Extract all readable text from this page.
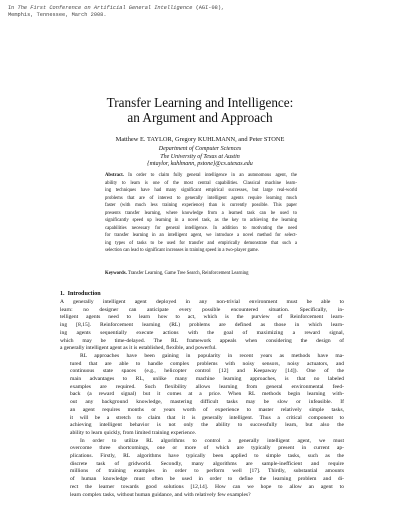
In The First Conference on Artificial General Intelligence (AGI-08),
Memphis, Tennessee, March 2008.
Transfer Learning and Intelligence:
an Argument and Approach
Matthew E. TAYLOR, Gregory KUHLMANN, and Peter STONE
Department of Computer Sciences
The University of Texas at Austin
{mtaylor, kuhlmann, pstone}@cs.utexas.edu
Abstract. In order to claim fully general intelligence in an autonomous agent, the
ability to learn is one of the most central capabilities. Classical machine learn-
ing techniques have had many significant empirical successes, but large real-world
problems that are of interest to generally intelligent agents require learning much
faster (with much less training experience) than is currently possible. This paper
presents transfer learning, where knowledge from a learned task can be used to
significantly speed up learning in a novel task, as the key to achieving the learning
capabilities necessary for general intelligence. In addition to motivating the need
for transfer learning in an intelligent agent, we introduce a novel method for select-
ing types of tasks to be used for transfer and empirically demonstrate that such a
selection can lead to significant increases in training speed in a two-player game.
Keywords. Transfer Learning, Game Tree Search, Reinforcement Learning
1. Introduction

A generally intelligent agent deployed in any non-trivial environment must be able to
learn: no designer can anticipate every possible encountered situation. Specifically, in-
telligent agents need to learn how to act, which is the purview of Reinforcement learn-
ing [8,15]. Reinforcement learning (RL) problems are defined as those in which learn-
ing agents sequentially execute actions with the goal of maximizing a reward signal,
which may be time-delayed. The RL framework appeals when considering the design of
a generally intelligent agent as it is established, flexible, and powerful.

RL approaches have been gaining in popularity in recent years as methods have ma-
tured that are able to handle complex problems with noisy sensors, noisy actuators, and
continuous state spaces (e.g., helicopter control [12] and Keepaway [14]). One of the
main advantages to RL, unlike many machine learning approaches, is that no labeled
examples are required. Such flexibility allows learning from general environmental feed-
back (a reward signal) but it comes at a price. When RL methods begin learning with-
out any background knowledge, mastering difficult tasks may be slow or infeasible. If
an agent requires months or years worth of experience to master relatively simple tasks,
it will be a stretch to claim that it is generally intelligent. Thus a critical component to
achieving intelligent behavior is not only the ability to successfully learn, but also the
ability to learn quickly, from limited training experience.

In order to utilize RL algorithms to control a generally intelligent agent, we must
overcome three shortcomings, one or more of which are typically present in current ap-
plications. Firstly, RL algorithms have typically been applied to simple tasks, such as the
discrete task of gridworld. Secondly, many algorithms are sample-inefficient and require
millions of training examples in order to perform well [17]. Thirdly, substantial amounts
of human knowledge must often be used in order to define the learning problem and di-
rect the learner towards good solutions [12,14]. How can we hope to allow an agent to
learn complex tasks, without human guidance, and with relatively few examples?
